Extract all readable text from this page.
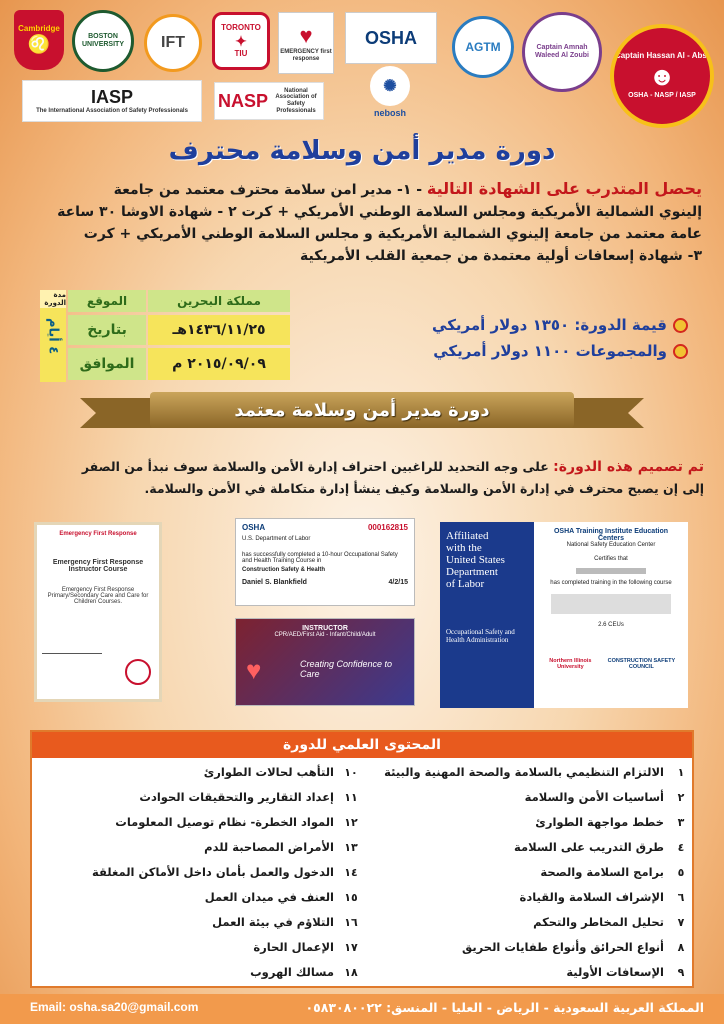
Cambridge
♌	BOSTON UNIVERSITY	IFT
TORONTO
✦
TIU
♥
EMERGENCY first response
OSHA
✺
nebosh
AGTM	Captain Amnah Waleed Al Zoubi	Captain Hassan Al - Absi
☻
OSHA - NASP / IASP
IASP
The International Association of Safety Professionals
NASP	National Association of Safety Professionals
دورة مدير أمن وسلامة محترف
يحصل المتدرب على الشهادة التالية - ١- مدير امن سلامة محترف معتمد من جامعة
إلينوي الشمالية الأمريكية ومجلس السلامة الوطني الأمريكي + كرت ٢ - شهادة الاوشا ٣٠ ساعة
عامة معتمد من جامعة إلينوي الشمالية الأمريكية و مجلس السلامة الوطني الأمريكي + كرت
٣- شهادة إسعافات أولية معتمدة من جمعية القلب الأمريكية
٤ أيام
مدة الدورة	الموقع	مملكة البحرين
بتاريخ	١٤٣٦/١١/٢٥هـ
الموافق	٢٠١٥/٠٩/٠٩ م
قيمة الدورة: ١٣٥٠ دولار أمريكي
والمجموعات ١١٠٠ دولار أمريكي
دورة مدير أمن وسلامة معتمد
تم تصميم هذه الدورة: على وجه التحديد للراغبين احتراف إدارة الأمن والسلامة سوف نبدأ من الصفر
إلى إن يصبح محترف في إدارة الأمن والسلامة وكيف ينشأ إدارة متكاملة في الأمن والسلامة.
Emergency First Response
Emergency First Response Instructor Course
Emergency First Response Primary/Secondary Care and Care for Children Courses.
OSHA	000162815
U.S. Department of Labor
has successfully completed a 10-hour Occupational Safety and Health Training Course in
Construction Safety & Health
Daniel S. Blankfield	4/2/15
INSTRUCTOR
CPR/AED/First Aid - Infant/Child/Adult
♥	Creating Confidence to Care
Affiliated
with the
United States
Department
of Labor
Occupational Safety and Health Administration
OSHA Training Institute Education Centers
National Safety Education Center
Certifies that
has completed training in the following course
2.6 CEUs
Northern Illinois University
CONSTRUCTION SAFETY COUNCIL
المحتوى العلمي للدورة
١
الالتزام التنظيمي بالسلامة والصحة المهنية والبيئة
٢
أساسيات الأمن والسلامة
٣
خطط مواجهة الطوارئ
٤
طرق التدريب على السلامة
٥
برامج السلامة والصحة
٦
الإشراف السلامة والقيادة
٧
تحليل المخاطر والتحكم
٨
أنواع الحرائق وأنواع طفايات الحريق
٩
الإسعافات الأولية
١٠
التأهب لحالات الطوارئ
١١
إعداد التقارير والتحقيقات الحوادث
١٢
المواد الخطرة- نظام توصيل المعلومات
١٣
الأمراض المصاحبة للدم
١٤
الدخول والعمل بأمان داخل الأماكن المغلقة
١٥
العنف في ميدان العمل
١٦
التلاؤم في بيئة العمل
١٧
الإعمال الحارة
١٨
مسالك الهروب
Email: osha.sa20@gmail.com	المملكة العربية السعودية - الرياض - العليا - المنسق: ٠٥٨٣٠٨٠٠٢٢
